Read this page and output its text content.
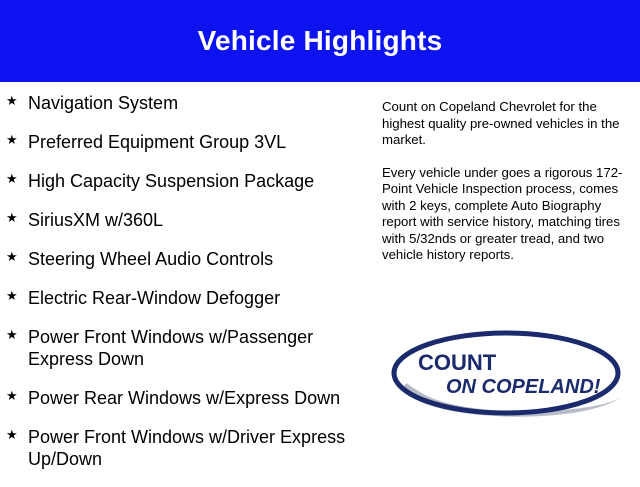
Vehicle Highlights
★ Navigation System
★ Preferred Equipment Group 3VL
★ High Capacity Suspension Package
★ SiriusXM w/360L
★ Steering Wheel Audio Controls
★ Electric Rear-Window Defogger
★ Power Front Windows w/Passenger Express Down
★ Power Rear Windows w/Express Down
★ Power Front Windows w/Driver Express Up/Down

Count on Copeland Chevrolet for the highest quality pre-owned vehicles in the market.

Every vehicle under goes a rigorous 172-Point Vehicle Inspection process, comes with 2 keys, complete Auto Biography report with service history, matching tires with 5/32nds or greater tread, and two vehicle history reports.

COUNT
ON COPELAND!
